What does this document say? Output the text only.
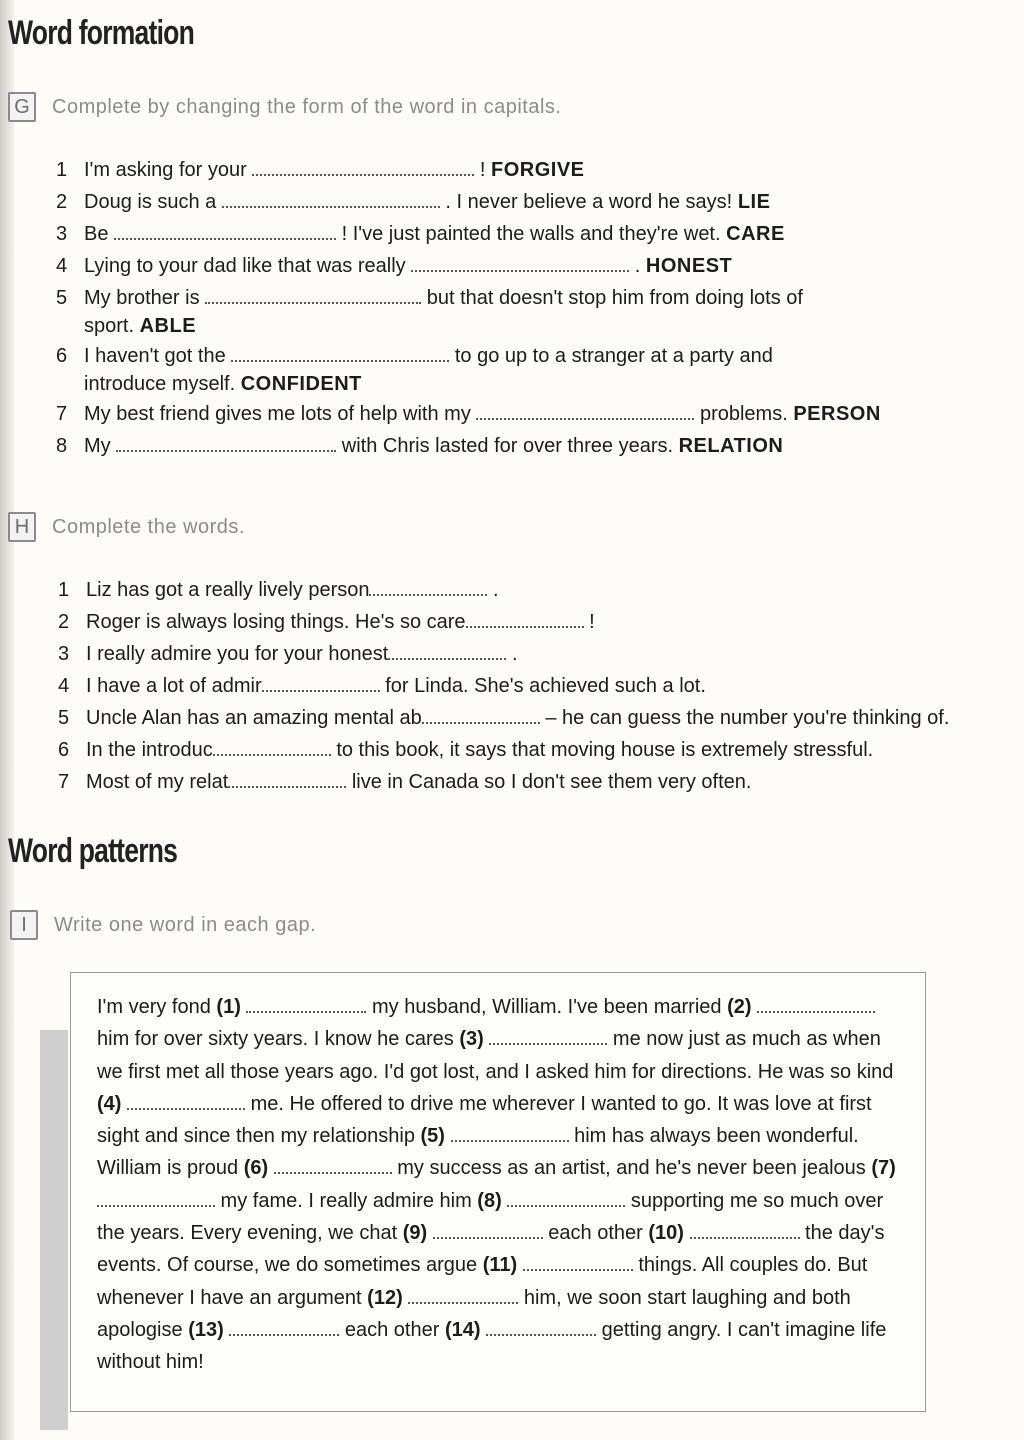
Word formation
G	Complete by changing the form of the word in capitals.
1 I'm asking for your	! FORGIVE
2 Doug is such a	. I never believe a word he says! LIE
3 Be	! I've just painted the walls and they're wet. CARE
4 Lying to your dad like that was really	. HONEST
5 My brother is	but that doesn't stop him from doing lots of sport. ABLE
6 I haven't got the	to go up to a stranger at a party and introduce myself. CONFIDENT
7 My best friend gives me lots of help with my	problems. PERSON
8 My	with Chris lasted for over three years. RELATION
H	Complete the words.
1 Liz has got a really lively person	.
2 Roger is always losing things. He's so care	!
3 I really admire you for your honest	.
4 I have a lot of admir	for Linda. She's achieved such a lot.
5 Uncle Alan has an amazing mental ab	– he can guess the number you're thinking of.
6 In the introduc	to this book, it says that moving house is extremely stressful.
7 Most of my relat	live in Canada so I don't see them very often.
Word patterns
I	Write one word in each gap.
I'm very fond (1)	my husband, William. I've been married (2)  him for over sixty years. I know he cares (3)	me now just as much as when we first met all those years ago. I'd got lost, and I asked him for directions. He was so kind (4)	me. He offered to drive me wherever I wanted to go. It was love at first sight and since then my relationship (5)	him has always been wonderful.
William is proud (6)	my success as an artist, and he's never been jealous (7)  my fame. I really admire him (8)	supporting me so much over the years. Every evening, we chat (9)	each other (10)	the day's events. Of course, we do sometimes argue (11)	things. All couples do. But whenever I have an argument (12)	him, we soon start laughing and both apologise (13)	each other (14)	getting angry. I can't imagine life without him!
